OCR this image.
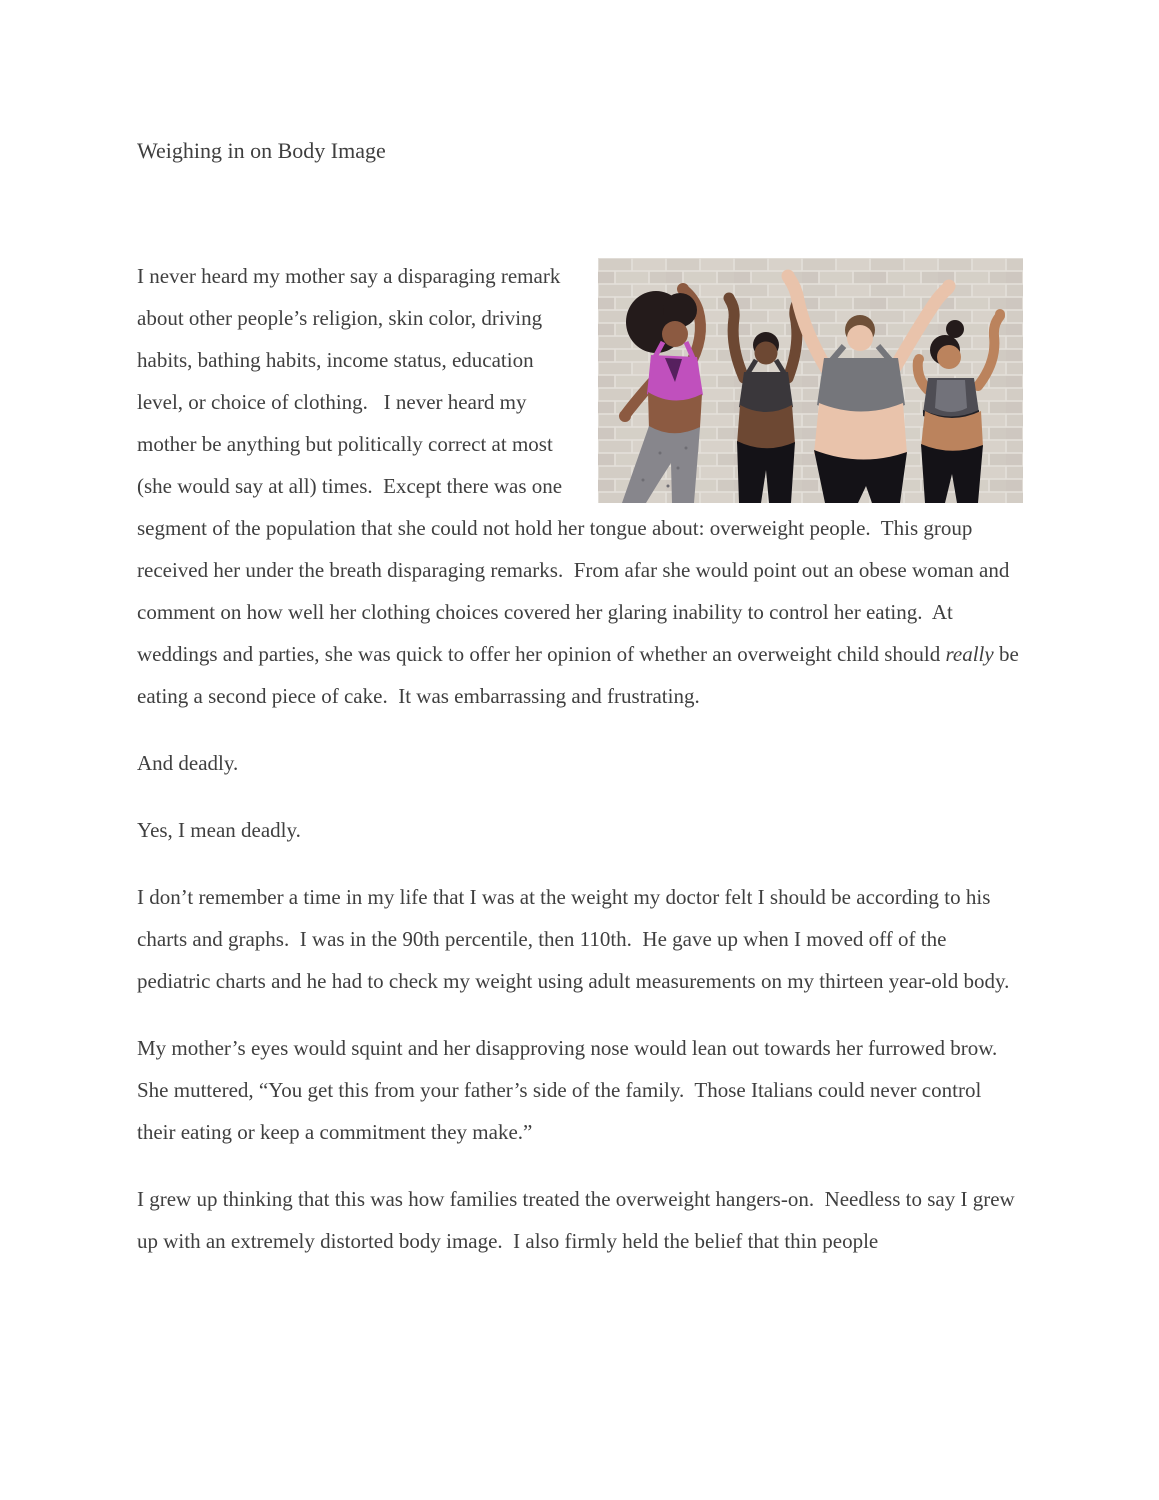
Weighing in on Body Image

I never heard my mother say a disparaging remark about other people’s religion, skin color, driving habits, bathing habits, income status, education level, or choice of clothing.   I never heard my mother be anything but politically correct at most (she would say at all) times.  Except there was one segment of the population that she could not hold her tongue about: overweight people.  This group received her under the breath disparaging remarks.  From afar she would point out an obese woman and comment on how well her clothing choices covered her glaring inability to control her eating.  At weddings and parties, she was quick to offer her opinion of whether an overweight child should really be eating a second piece of cake.  It was embarrassing and frustrating.

And deadly.

Yes, I mean deadly.

I don’t remember a time in my life that I was at the weight my doctor felt I should be according to his charts and graphs.  I was in the 90th percentile, then 110th.  He gave up when I moved off of the pediatric charts and he had to check my weight using adult measurements on my thirteen year-old body.

My mother’s eyes would squint and her disapproving nose would lean out towards her furrowed brow. She muttered, “You get this from your father’s side of the family.  Those Italians could never control their eating or keep a commitment they make.”

I grew up thinking that this was how families treated the overweight hangers-on.  Needless to say I grew up with an extremely distorted body image.  I also firmly held the belief that thin people
